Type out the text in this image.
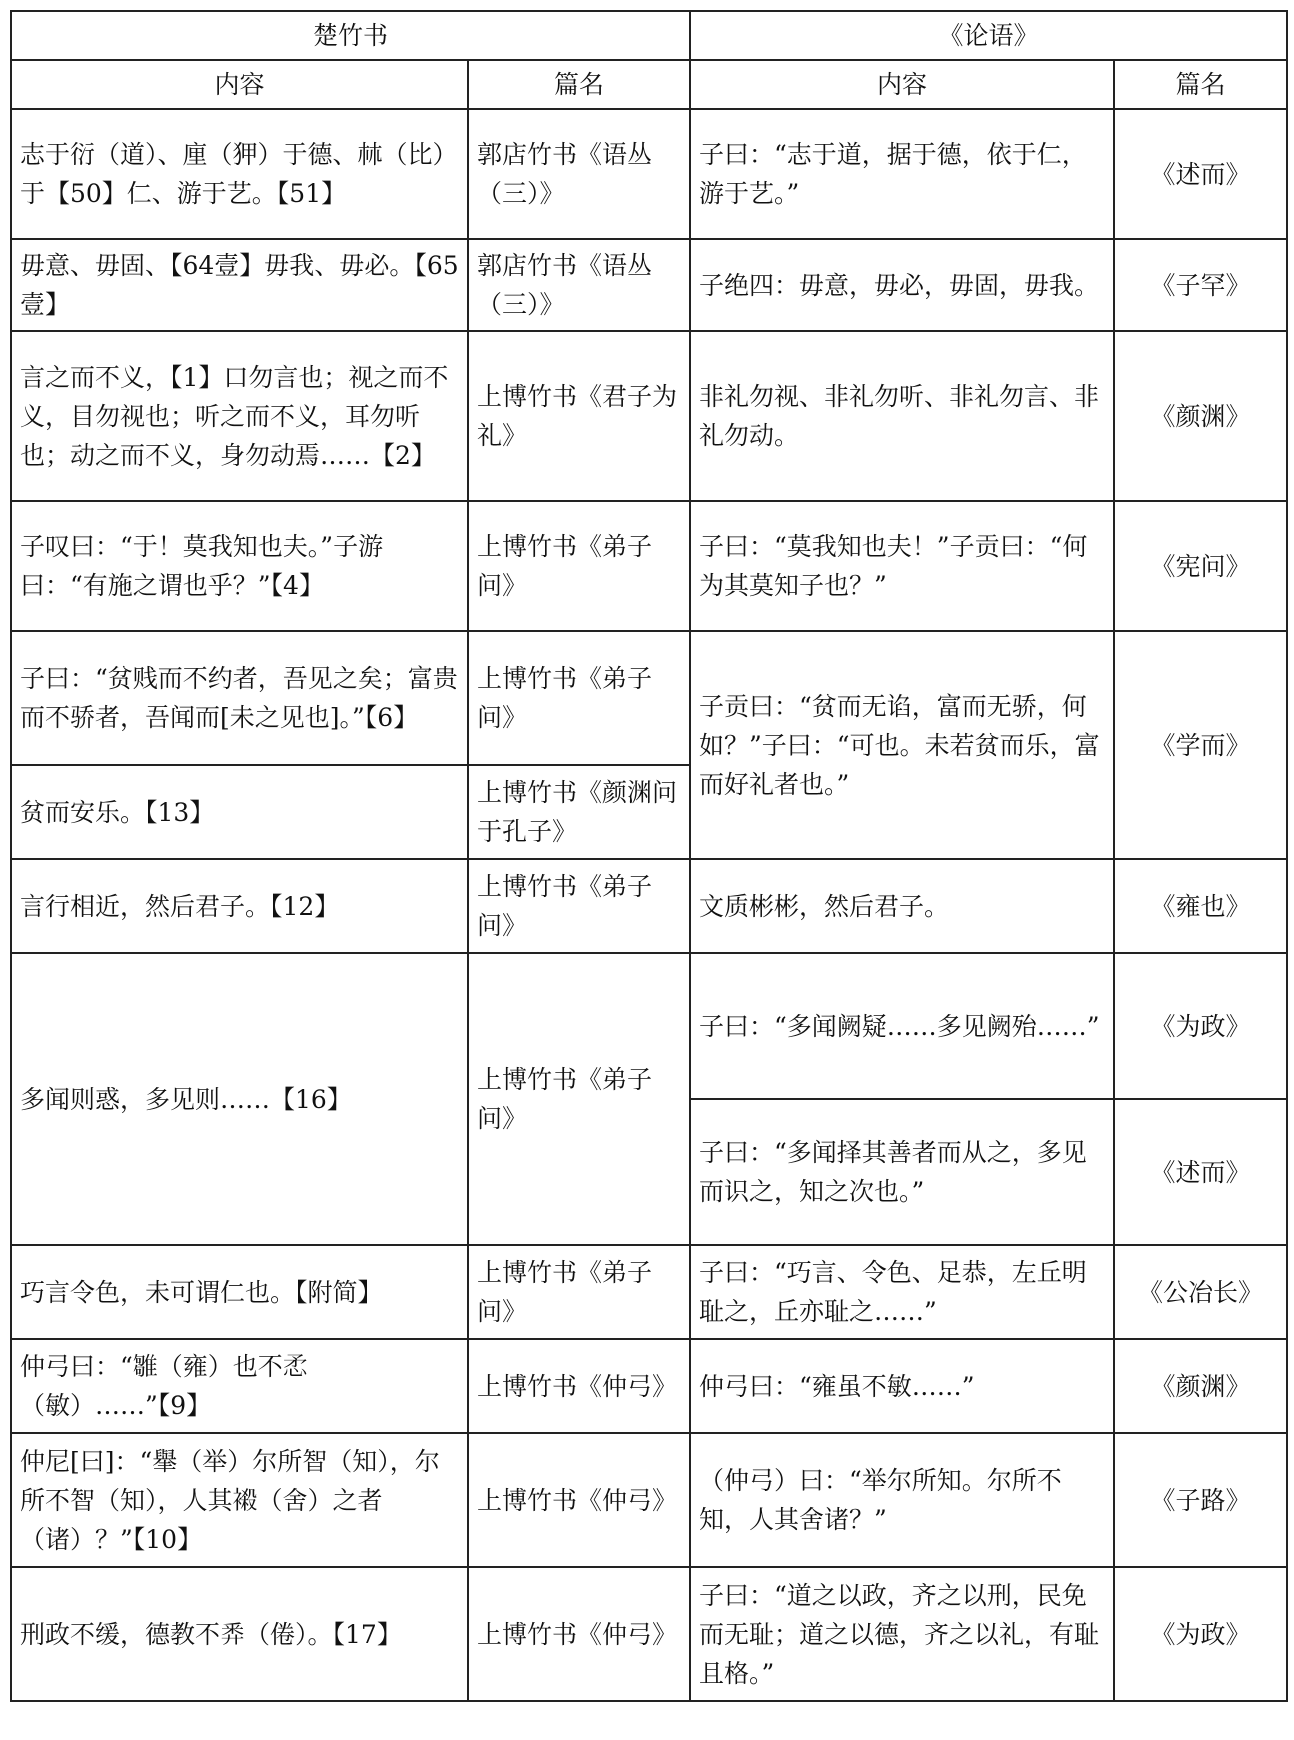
楚竹书		《论语》	
内容	篇名	内容	篇名
志于衍（道）、㢆（狎）于德、𣏟（比）于【50】仁、游于艺。【51】	郭店竹书《语丛（三）》	子曰：“志于道，据于德，依于仁，游于艺。”	《述而》
毋意、毋固、【64壹】毋我、毋必。【65壹】	郭店竹书《语丛（三）》	子绝四：毋意，毋必，毋固，毋我。	《子罕》
言之而不义，【1】口勿言也；视之而不义，目勿视也；听之而不义，耳勿听也；动之而不义，身勿动焉……【2】	上博竹书《君子为礼》	非礼勿视、非礼勿听、非礼勿言、非礼勿动。	《颜渊》
子叹曰：“于！莫我知也夫。”子游曰：“有施之谓也乎？”【4】	上博竹书《弟子问》	子曰：“莫我知也夫！”子贡曰：“何为其莫知子也？”	《宪问》
子曰：“贫贱而不约者，吾见之矣；富贵而不骄者，吾闻而[未之见也]。”【6】	上博竹书《弟子问》	子贡曰：“贫而无谄，富而无骄，何如？”子曰：“可也。未若贫而乐，富而好礼者也。”	《学而》
贫而安乐。【13】	上博竹书《颜渊问于孔子》		
言行相近，然后君子。【12】	上博竹书《弟子问》	文质彬彬，然后君子。	《雍也》
多闻则惑，多见则……【16】	上博竹书《弟子问》	子曰：“多闻阙疑……多见阙殆……”	《为政》
		子曰：“多闻择其善者而从之，多见而识之，知之次也。”	《述而》
巧言令色，未可谓仁也。【附简】	上博竹书《弟子问》	子曰：“巧言、令色、足恭，左丘明耻之，丘亦耻之……”	《公冶长》
仲弓曰：“𩀣（雍）也不𢘅（敏）……”【9】	上博竹书《仲弓》	仲弓曰：“雍虽不敏……”	《颜渊》
仲尼[曰]：“𦦙（举）尔所智（知），尔所不智（知），人其𧜁（舍）之者（诸）？”【10】	上博竹书《仲弓》	（仲弓）曰：“举尔所知。尔所不知，人其舍诸？”	《子路》
刑政不缓，德教不𢍏（倦）。【17】	上博竹书《仲弓》	子曰：“道之以政，齐之以刑，民免而无耻；道之以德，齐之以礼，有耻且格。”	《为政》
